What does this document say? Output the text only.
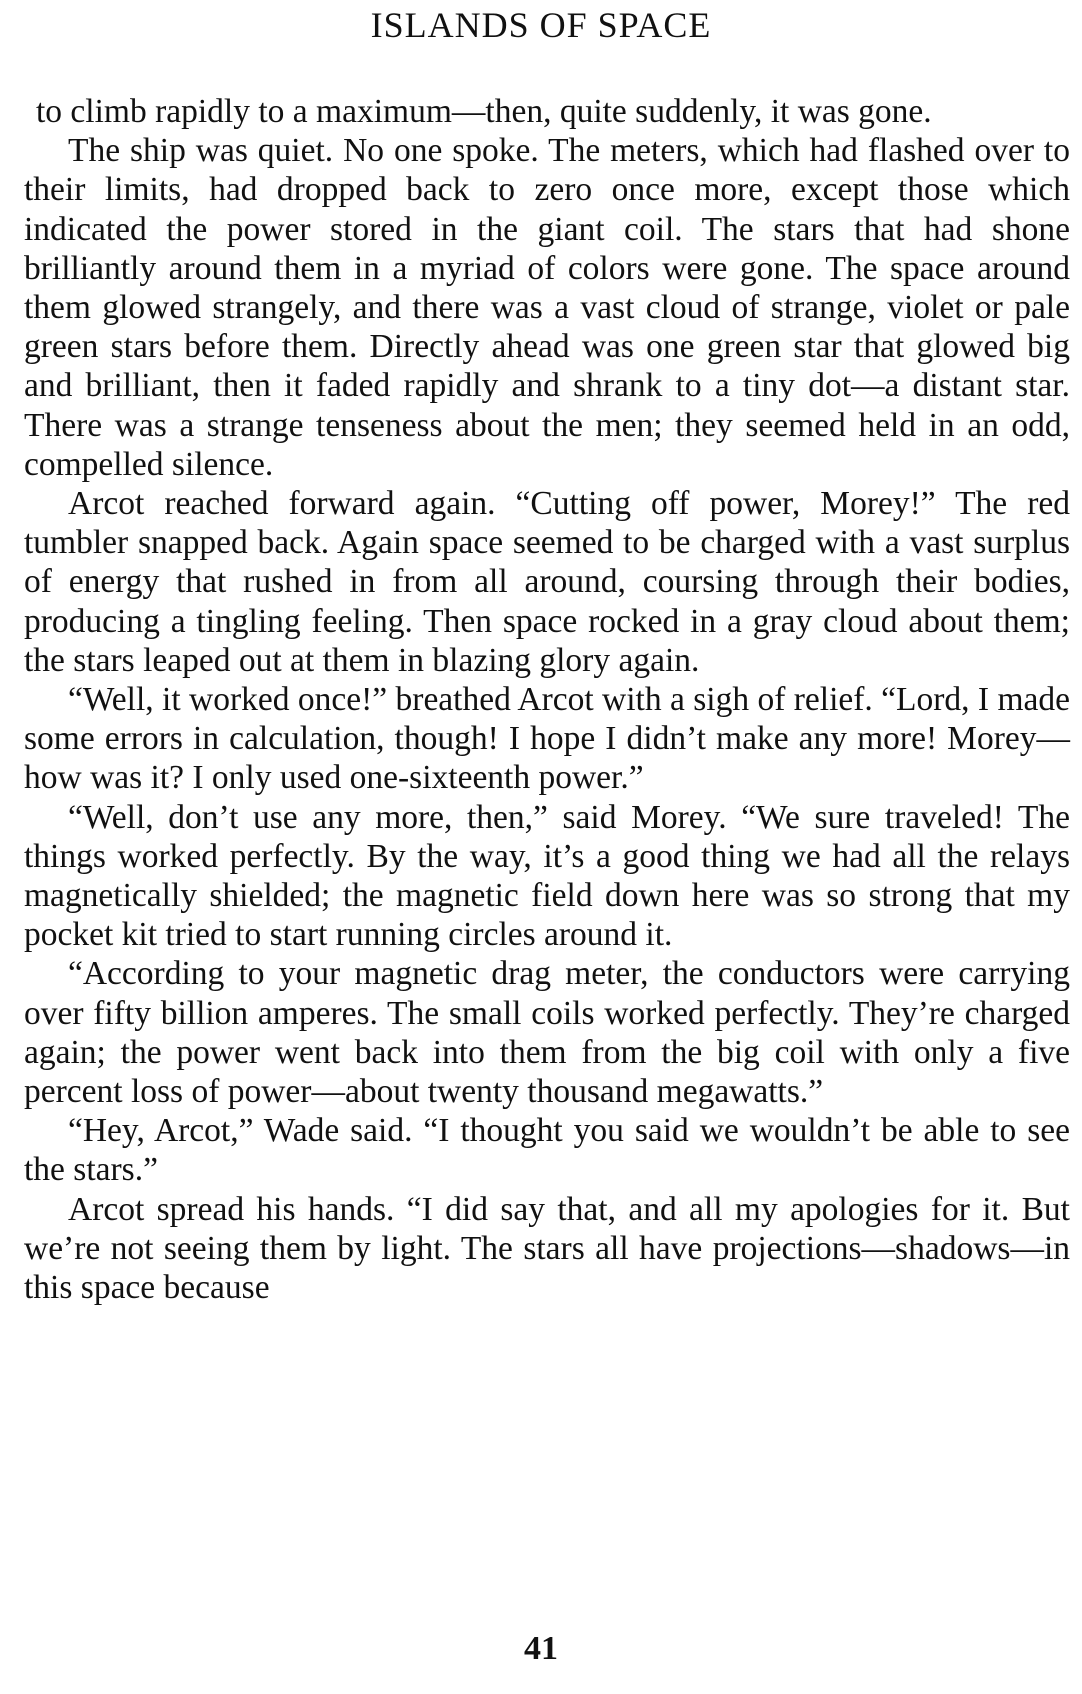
ISLANDS OF SPACE

to climb rapidly to a maximum—then, quite suddenly, it was gone.

The ship was quiet. No one spoke. The meters, which had flashed over to their limits, had dropped back to zero once more, except those which indicated the power stored in the giant coil. The stars that had shone brilliantly around them in a myriad of colors were gone. The space around them glowed strangely, and there was a vast cloud of strange, violet or pale green stars before them. Directly ahead was one green star that glowed big and brilliant, then it faded rapidly and shrank to a tiny dot—a distant star. There was a strange tenseness about the men; they seemed held in an odd, compelled silence.

Arcot reached forward again. “Cutting off power, Morey!” The red tumbler snapped back. Again space seemed to be charged with a vast surplus of energy that rushed in from all around, coursing through their bodies, producing a tingling feeling. Then space rocked in a gray cloud about them; the stars leaped out at them in blazing glory again.

“Well, it worked once!” breathed Arcot with a sigh of relief. “Lord, I made some errors in calculation, though! I hope I didn’t make any more! Morey—how was it? I only used one-sixteenth power.”

“Well, don’t use any more, then,” said Morey. “We sure traveled! The things worked perfectly. By the way, it’s a good thing we had all the relays magnetically shielded; the magnetic field down here was so strong that my pocket kit tried to start running circles around it.

“According to your magnetic drag meter, the conductors were carrying over fifty billion amperes. The small coils worked perfectly. They’re charged again; the power went back into them from the big coil with only a five percent loss of power—about twenty thousand megawatts.”

“Hey, Arcot,” Wade said. “I thought you said we wouldn’t be able to see the stars.”

Arcot spread his hands. “I did say that, and all my apologies for it. But we’re not seeing them by light. The stars all have projections—shadows—in this space because

41
